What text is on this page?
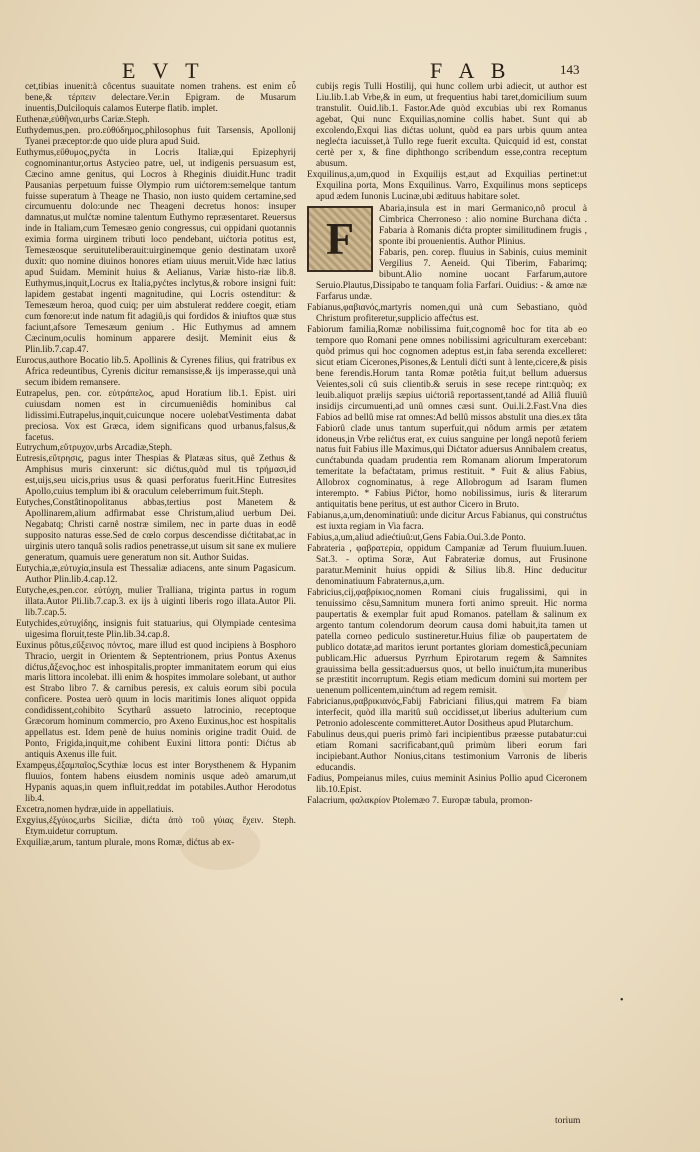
E V T	F A B	143

cet,tibias inuenit:à côcentus suauitate nomen trahens. est enim εὖ bene,& τέρπειν delectare.Ver.in Epigram. de Musarum inuentis,Dulciloquis calamos Euterpe flatib. implet.

Euthenæ,εὐθῆναι,urbs Cariæ.Steph.

Euthydemus,pen. pro.εὐθύδημος,philosophus fuit Tarsensis, Apollonij Tyanei præceptor:de quo uide plura apud Suid.

Euthymus,εὔθυμος,pyćta in Locris Italiæ,qui Epizephyrij cognominantur,ortus Astycieo patre, uel, ut indigenis persuasum est, Cæcino amne genitus, qui Locros à Rheginis diuidit.Hunc tradit Pausanias perpetuum fuisse Olympio rum uićtorem:semelque tantum fuisse superatum à Theage ne Thasio, non iusto quidem certamine,sed circumuentu dolo:unde nec Theageni decretus honos: insuper damnatus,ut mulćtæ nomine talentum Euthymo repræsentaret. Reuersus inde in Italiam,cum Temesæo genio congressus, cui oppidani quotannis eximia forma uirginem tributi loco pendebant, uićtoria potitus est, Temesæosque seruituteliberauit:uirginemque genio destinatam uxorê duxit: quo nomine diuinos honores etiam uiuus meruit.Vide hæc latius apud Suidam. Meminit huius & Aelianus, Variæ histo-riæ lib.8. Euthymus,inquit,Locrus ex Italia,pyćtes inclytus,& robore insigni fuit: lapidem gestabat ingenti magnitudine, qui Locris ostenditur: & Temesæum heroa, quod cuiq; per uim abstulerat reddere coegit, etiam cum fœnore:ut inde natum fit adagiû,is qui fordidos & iniuftos quæ stus faciunt,afsore Temesæum genium . Hic Euthymus ad amnem Cæcinum,oculis hominum apparere desijt. Meminit eius & Plin.lib.7.cap.47.

Eurocus,authore Bocatio lib.5. Apollinis & Cyrenes filius, qui fratribus ex Africa redeuntibus, Cyrenis dicitur remansisse,& ijs imperasse,qui unà secum ibidem remansere.

Eutrapelus, pen. cor. εὐτράπελος, apud Horatium lib.1. Epist. uiri cuiusdam nomen est in circumueniêdis hominibus cal lidissimi.Eutrapelus,inquit,cuicunque nocere uolebatVestimenta dabat preciosa. Vox est Græca, idem significans quod urbanus,falsus,& facetus.

Eutrychum,εὔτρυχον,urbs Arcadiæ,Steph.

Eutresis,εὔτρησις, pagus inter Thespias & Platæas situs, quê Zethus & Amphisus muris cinxerunt: sic dićtus,quòd mul tis τρήμασι,id est,uijs,seu uicis,prius usus & quasi perforatus fuerit.Hinc Eutresites Apollo,cuius templum ibi & oraculum celeberrimum fuit.Steph.

Eutyches,Constâtinopolitanus abbas,tertius post Manetem & Apollinarem,alium adfirmabat esse Christum,aliud uerbum Dei. Negabatq; Christi carnê nostræ similem, nec in parte duas in eodê supposito naturas esse.Sed de cœlo corpus descendisse dićtitabat,ac in uirginis utero tanquâ solis radios penetrasse,ut uisum sit sane ex muliere generatum, quamuis uere generatum non sit. Author Suidas.

Eutychia,æ,εὐτυχία,insula est Thessaliæ adiacens, ante sinum Pagasicum. Author Plin.lib.4.cap.12.

Eutyche,es,pen.cor. εὐτύχη, mulier Tralliana, triginta partus in rogum illata.Autor Pli.lib.7.cap.3. ex ijs à uiginti liberis rogo illata.Autor Pli. lib.7.cap.5.

Eutychides,εὐτυχίδης, insignis fuit statuarius, qui Olympiade centesima uigesima floruit,teste Plin.lib.34.cap.8.

Euxinus pôtus,εὔξεινος πόντος, mare illud est quod incipiens à Bosphoro Thracio, uergit in Orientem & Septentrionem, prius Pontus Axenus dićtus,ἄξενος,hoc est inhospitalis,propter immanitatem eorum qui eius maris littora incolebat. illi enim & hospites immolare solebant, ut author est Strabo libro 7. & carnibus peresis, ex caluis eorum sibi pocula conficere. Postea uerò quum in locis maritimis Iones aliquot oppida condidissent,cohibito Scytharû assueto latrocinio, receptoque Græcorum hominum commercio, pro Axeno Euxinus,hoc est hospitalis appellatus est. Idem penè de huius nominis origine tradit Ouid. de Ponto, Frigida,inquit,me cohibent Euxini littora ponti: Dićtus ab antiquis Axenus ille fuit.

Exampęus,ἐξαμπαῖος,Scythiæ locus est inter Borysthenem & Hypanim fluuios, fontem habens eiusdem nominis usque adeò amarum,ut Hypanis aquas,in quem influit,reddat im potabiles.Author Herodotus lib.4.

Excetra,nomen hydræ,uide in appellatiuis.

Exgyius,ἐξγύιος,urbs Siciliæ, dićta ἀπὸ τοῦ γύιας ἔχειν. Steph. Etym.uidetur corruptum.

Exquiliæ,arum, tantum plurale, mons Romæ, dićtus ab ex-

cubijs regis Tulli Hostilij, qui hunc collem urbi adiecit, ut author est Liu.lib.1.ab Vrbe,& in eum, ut frequentius habi taret,domicilium suum transtulit. Ouid.lib.1. Fastor.Ade quòd excubias ubi rex Romanus agebat, Qui nunc Exquilias,nomine collis habet. Sunt qui ab excolendo,Exqui lias dićtas uolunt, quòd ea pars urbis quum antea neglećta iacuisset,à Tullo rege fuerit exculta. Quicquid id est, constat certè per x, & fine diphthongo scribendum esse,contra receptum abusum.

Exquilinus,a,um,quod in Exquilijs est,aut ad Exquilias pertinet:ut Exquilina porta, Mons Exquilinus. Varro, Exquilinus mons septiceps apud ædem Iunonis Lucinæ,ubi ædituus habitare solet.

F

Abaria,insula est in mari Germanico,nô procul à Cimbrica Cherroneso : alio nomine Burchana dićta . Fabaria à Romanis dićta propter similitudinem frugis , sponte ibi prouenientis. Author Plinius.

Fabaris, pen. corep. fluuius in Sabinis, cuius meminit Vergilius 7. Aeneid. Qui Tiberim, Fabarimq; bibunt.Alio nomine uocant Farfarum,autore Seruio.Plautus,Dissipabo te tanquam folia Farfari. Ouidius: - & amœ næ Farfarus undæ.

Fabianus,φαβιανός,martyris nomen,qui unà cum Sebastiano, quòd Christum profiteretur,supplicio affećtus est.

Fabiorum familia,Romæ nobilissima fuit,cognomê hoc for tita ab eo tempore quo Romani pene omnes nobilissimi agriculturam exercebant: quòd primus qui hoc cognomen adeptus est,in faba serenda excelleret: sicut etiam Cicerones,Pisones,& Lentuli dićti sunt à lente,cicere,& pisis bene ferendis.Horum tanta Romæ potêtia fuit,ut bellum aduersus Veientes,soli cû suis clientib.& seruis in sese recepe rint:quòq; ex leuib.aliquot prælijs sæpius uićtoriâ reportassent,tandé ad Alliâ fluuiû insidijs circumuenti,ad unû omnes cæsi sunt. Oui.li.2.Fast.Vna dies Fabios ad bellû mise rat omnes:Ad bellû missos abstulit una dies.ex tâta Fabiorû clade unus tantum superfuit,qui nôdum armis per ætatem idoneus,in Vrbe relićtus erat, ex cuius sanguine per longâ nepotû feriem natus fuit Fabius ille Maximus,qui Dićtator aduersus Annibalem creatus, cunćtabunda quadam prudentia rem Romanam aliorum Imperatorum temeritate la befaćtatam, primus restituit. * Fuit & alius Fabius, Allobrox cognominatus, à rege Allobrogum ad Isaram flumen interempto. * Fabius Pićtor, homo nobilissimus, iuris & literarum antiquitatis bene peritus, ut est author Cicero in Bruto.

Fabianus,a,um,denominatiuû: unde dicitur Arcus Fabianus, qui construćtus est iuxta regiam in Via facra.

Fabius,a,um,aliud adiećtiuû:ut,Gens Fabia.Oui.3.de Ponto.

Fabrateria , φαβρατερία, oppidum Campaniæ ad Terum fluuium.Iuuen. Sat.3. - optima Soræ, Aut Fabrateriæ domus, aut Frusinone paratur.Meminit huius oppidi & Silius lib.8. Hinc deducitur denominatiuum Fabraternus,a,um.

Fabricius,cij,φαβρίκιος,nomen Romani ciuis frugalissimi, qui in tenuissimo cêsu,Samnitum munera forti animo spreuit. Hic norma paupertatis & exemplar fuit apud Romanos. patellam & salinum ex argento tantum colendorum deorum causa domi habuit,ita tamen ut patella corneo pediculo sustineretur.Huius filiæ ob paupertatem de publico dotatæ,ad maritos ierunt portantes gloriam domesticâ,pecuniam publicam.Hic aduersus Pyrrhum Epirotarum regem & Samnites grauissima bella gessit:aduersus quos, ut bello inuićtum,ita muneribus se præstitit incorruptum. Regis etiam medicum domini sui mortem per uenenum pollicentem,uinćtum ad regem remisit.

Fabricianus,φαβρικιανός,Fabij Fabriciani filius,qui matrem Fa biam interfecit, quòd illa maritû suû occidisset,ut liberius adulterium cum Petronio adolescente committeret.Autor Dositheus apud Plutarchum.

Fabulinus deus,qui pueris primò fari incipientibus præesse putabatur:cui etiam Romani sacrificabant,quû primùm liberi eorum fari incipiebant.Author Nonius,citans testimonium Varronis de liberis educandis.

Fadius, Pompeianus miles, cuius meminit Asinius Pollio apud Ciceronem lib.10.Epist.

Falacrium, φαλακρίον Ptolemæo 7. Europæ tabula, promon-

torium
•
